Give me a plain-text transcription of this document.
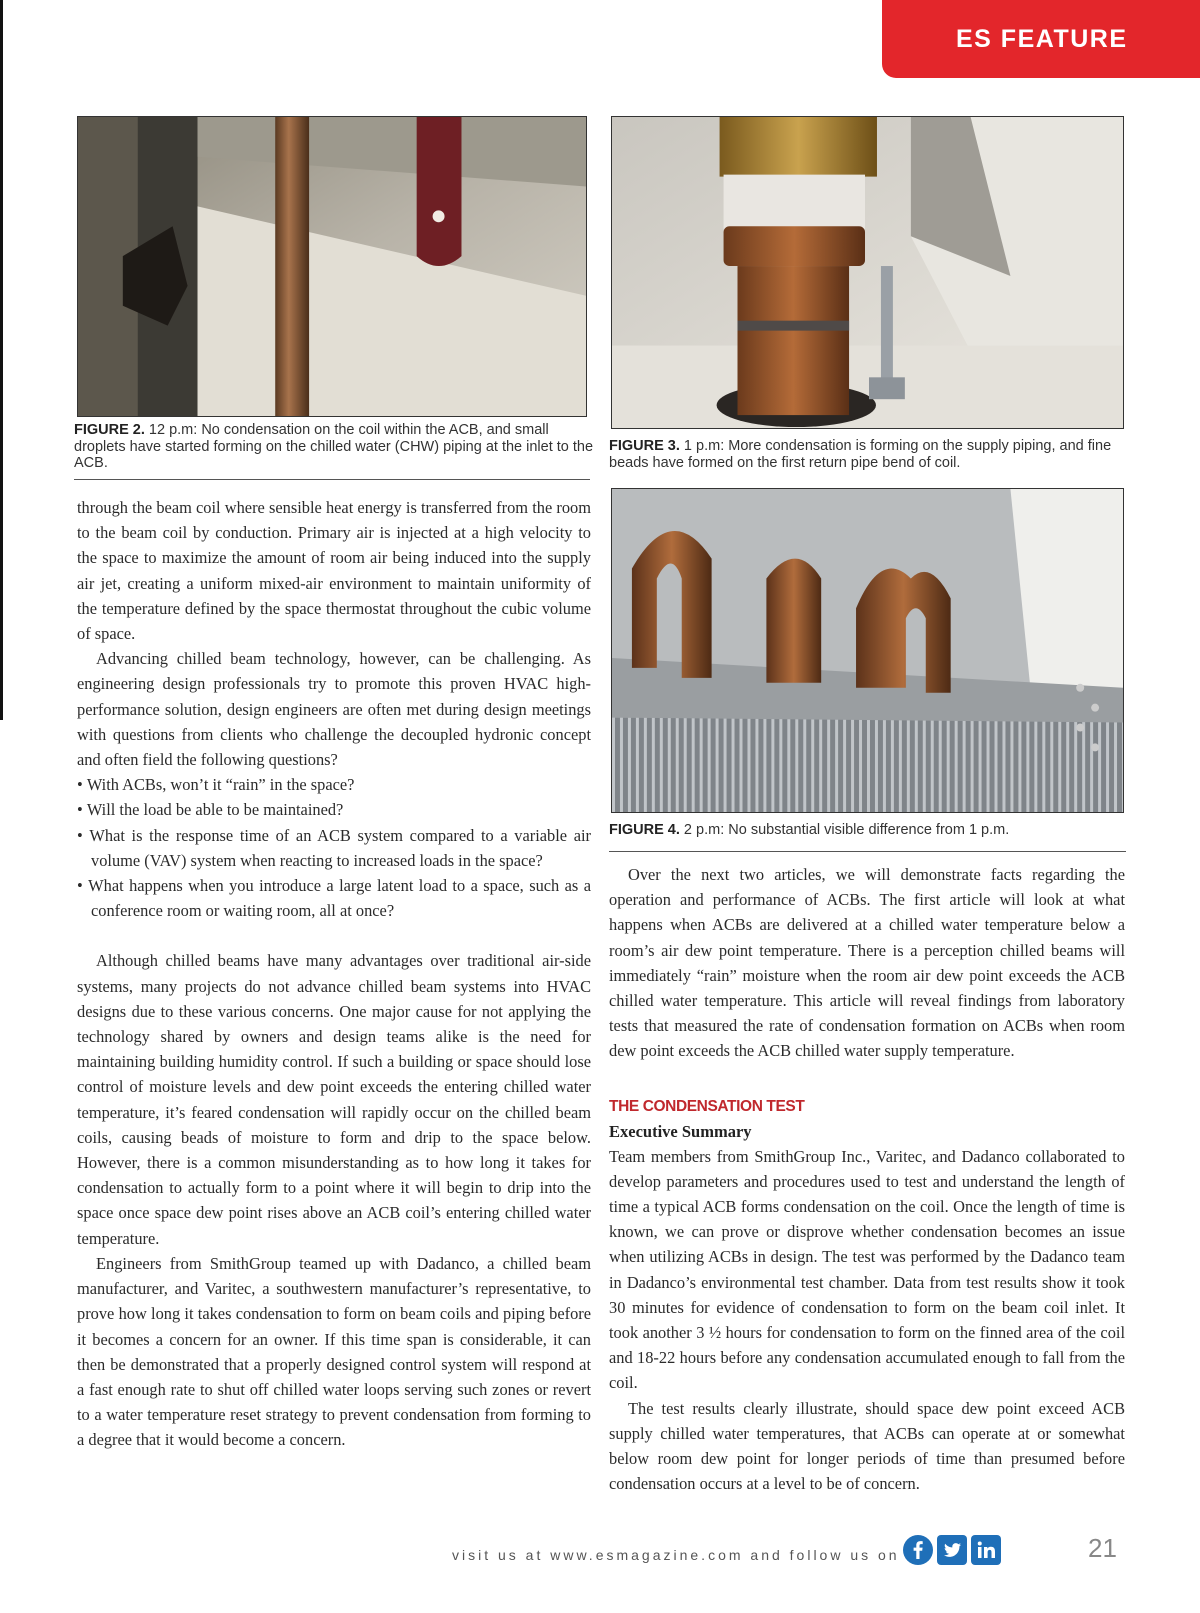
ES FEATURE
FIGURE 2. 12 p.m: No condensation on the coil within the ACB, and small droplets have started forming on the chilled water (CHW) piping at the inlet to the ACB.
FIGURE 3. 1 p.m: More condensation is forming on the supply piping, and fine beads have formed on the first return pipe bend of coil.
FIGURE 4. 2 p.m: No substantial visible difference from 1 p.m.

through the beam coil where sensible heat energy is transferred from the room to the beam coil by conduction. Primary air is injected at a high velocity to the space to maximize the amount of room air being induced into the supply air jet, creating a uniform mixed-air environment to maintain uniformity of the temperature defined by the space thermostat throughout the cubic volume of space.

Advancing chilled beam technology, however, can be challenging. As engineering design professionals try to promote this proven HVAC high-performance solution, design engineers are often met during design meetings with questions from clients who challenge the decoupled hydronic concept and often field the following questions?

• With ACBs, won’t it “rain” in the space?
• Will the load be able to be maintained?
• What is the response time of an ACB system compared to a variable air volume (VAV) system when reacting to increased loads in the space?
• What happens when you introduce a large latent load to a space, such as a conference room or waiting room, all at once?

Although chilled beams have many advantages over traditional air-side systems, many projects do not advance chilled beam systems into HVAC designs due to these various concerns. One major cause for not applying the technology shared by owners and design teams alike is the need for maintaining building humidity control. If such a building or space should lose control of moisture levels and dew point exceeds the entering chilled water temperature, it’s feared condensation will rapidly occur on the chilled beam coils, causing beads of moisture to form and drip to the space below. However, there is a common misunderstanding as to how long it takes for condensation to actually form to a point where it will begin to drip into the space once space dew point rises above an ACB coil’s entering chilled water temperature.

Engineers from SmithGroup teamed up with Dadanco, a chilled beam manufacturer, and Varitec, a southwestern manufacturer’s representative, to prove how long it takes condensation to form on beam coils and piping before it becomes a concern for an owner. If this time span is considerable, it can then be demonstrated that a properly designed control system will respond at a fast enough rate to shut off chilled water loops serving such zones or revert to a water temperature reset strategy to prevent condensation from forming to a degree that it would become a concern.

Over the next two articles, we will demonstrate facts regarding the operation and performance of ACBs. The first article will look at what happens when ACBs are delivered at a chilled water temperature below a room’s air dew point temperature. There is a perception chilled beams will immediately “rain” moisture when the room air dew point exceeds the ACB chilled water temperature. This article will reveal findings from laboratory tests that measured the rate of condensation formation on ACBs when room dew point exceeds the ACB chilled water supply temperature.

THE CONDENSATION TEST
Executive Summary

Team members from SmithGroup Inc., Varitec, and Dadanco collaborated to develop parameters and procedures used to test and understand the length of time a typical ACB forms condensation on the coil. Once the length of time is known, we can prove or disprove whether condensation becomes an issue when utilizing ACBs in design. The test was performed by the Dadanco team in Dadanco’s environmental test chamber. Data from test results show it took 30 minutes for evidence of condensation to form on the beam coil inlet. It took another 3 ½ hours for condensation to form on the finned area of the coil and 18-22 hours before any condensation accumulated enough to fall from the coil.

The test results clearly illustrate, should space dew point exceed ACB supply chilled water temperatures, that ACBs can operate at or somewhat below room dew point for longer periods of time than presumed before condensation occurs at a level to be of concern.

visit us at www.esmagazine.com and follow us on	21
